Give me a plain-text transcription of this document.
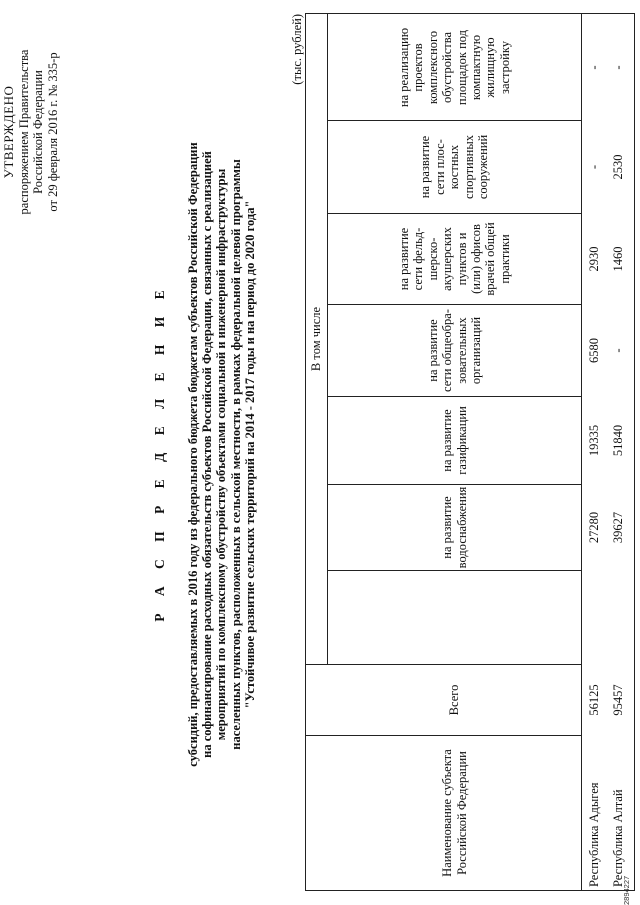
УТВЕРЖДЕНО распоряжением Правительства Российской Федерации от 29 февраля 2016 г. № 335-р
Р А С П Р Е Д Е Л Е Н И Е субсидий, предоставляемых в 2016 году из федерального бюджета бюджетам субъектов Российской Федерации на софинансирование расходных обязательств субъектов Российской Федерации, связанных с реализацией мероприятий по комплексному обустройству объектами социальной и инженерной инфраструктуры населенных пунктов, расположенных в сельской местности, в рамках федеральной целевой программы "Устойчивое развитие сельских территорий на 2014 - 2017 годы и на период до 2020 года"
(тыс. рублей)
Наименование субъекта Российской Федерации
Всего
В том числе
на развитие водоснабжения
на развитие газификации
на развитие сети общеобра-зовательных организаций
на развитие сети фельд-шерско-акушерских пунктов и (или) офисов врачей общей практики
на развитие сети плос-костных спортивных сооружений
на реализацию проектов комплексного обустройства площадок под компактную жилищную застройку
Республика Адыгея
56125
27280
19335
6580
2930
-
-
Республика Алтай
95457
39627
51840
-
1460
2530
-
2894227
